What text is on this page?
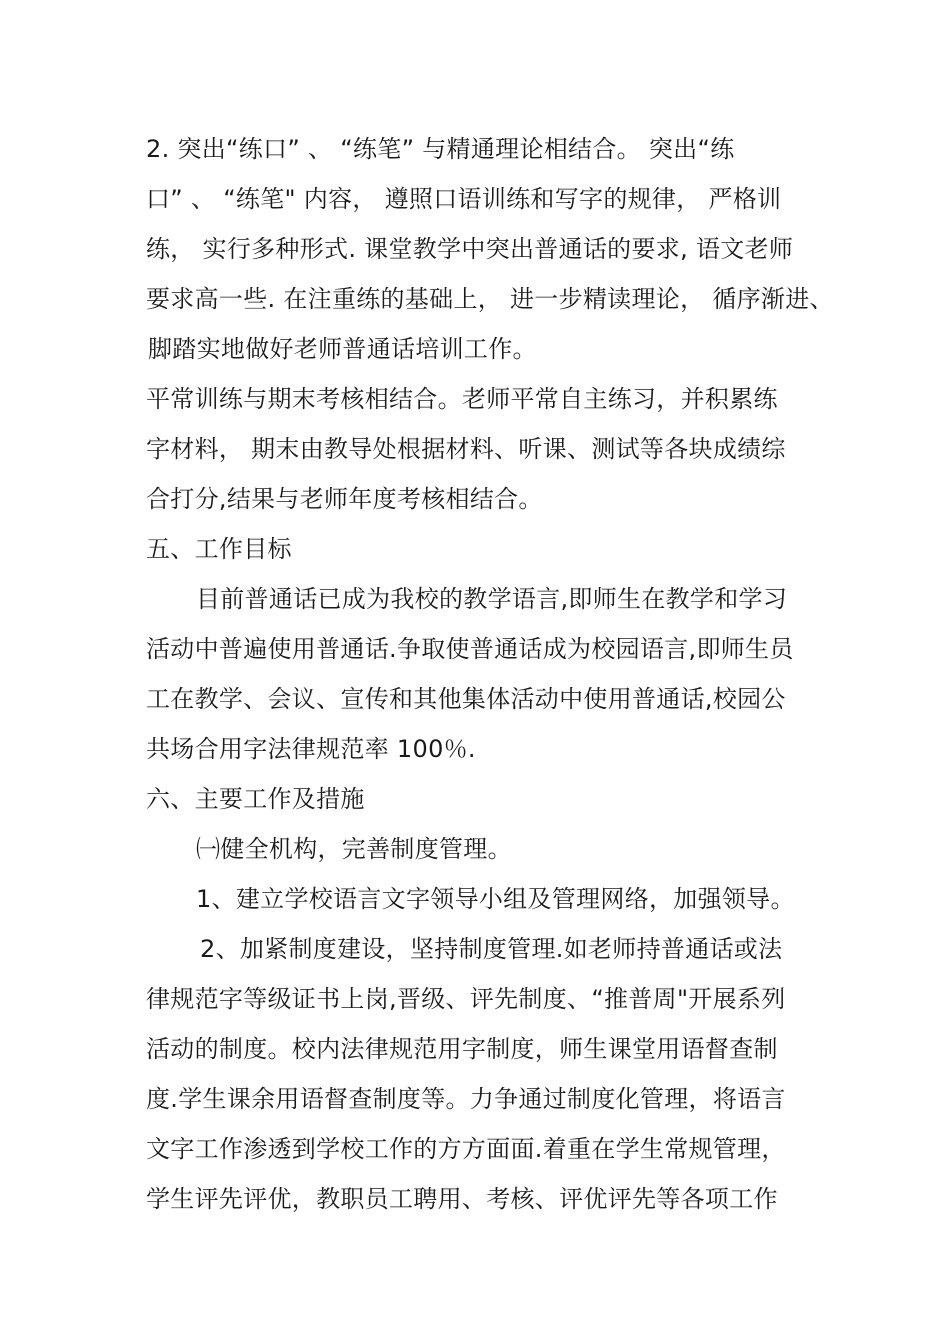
2. 突出“练口” 、 “练笔” 与精通理论相结合。 突出“练
口” 、 “练笔" 内容， 遵照口语训练和写字的规律， 严格训
练， 实行多种形式. 课堂教学中突出普通话的要求, 语文老师
要求高一些. 在注重练的基础上， 进一步精读理论， 循序渐进、
脚踏实地做好老师普通话培训工作。
平常训练与期末考核相结合。老师平常自主练习，并积累练
字材料， 期末由教导处根据材料、听课、测试等各块成绩综
合打分,结果与老师年度考核相结合。
五、工作目标
目前普通话已成为我校的教学语言,即师生在教学和学习
活动中普遍使用普通话.争取使普通话成为校园语言,即师生员
工在教学、会议、宣传和其他集体活动中使用普通话,校园公
共场合用字法律规范率 100％.
六、主要工作及措施
㈠健全机构，完善制度管理。
1、建立学校语言文字领导小组及管理网络，加强领导。
2、加紧制度建设，坚持制度管理.如老师持普通话或法
律规范字等级证书上岗,晋级、评先制度、“推普周"开展系列
活动的制度。校内法律规范用字制度，师生课堂用语督查制
度.学生课余用语督查制度等。力争通过制度化管理，将语言
文字工作渗透到学校工作的方方面面.着重在学生常规管理，
学生评先评优，教职员工聘用、考核、评优评先等各项工作
